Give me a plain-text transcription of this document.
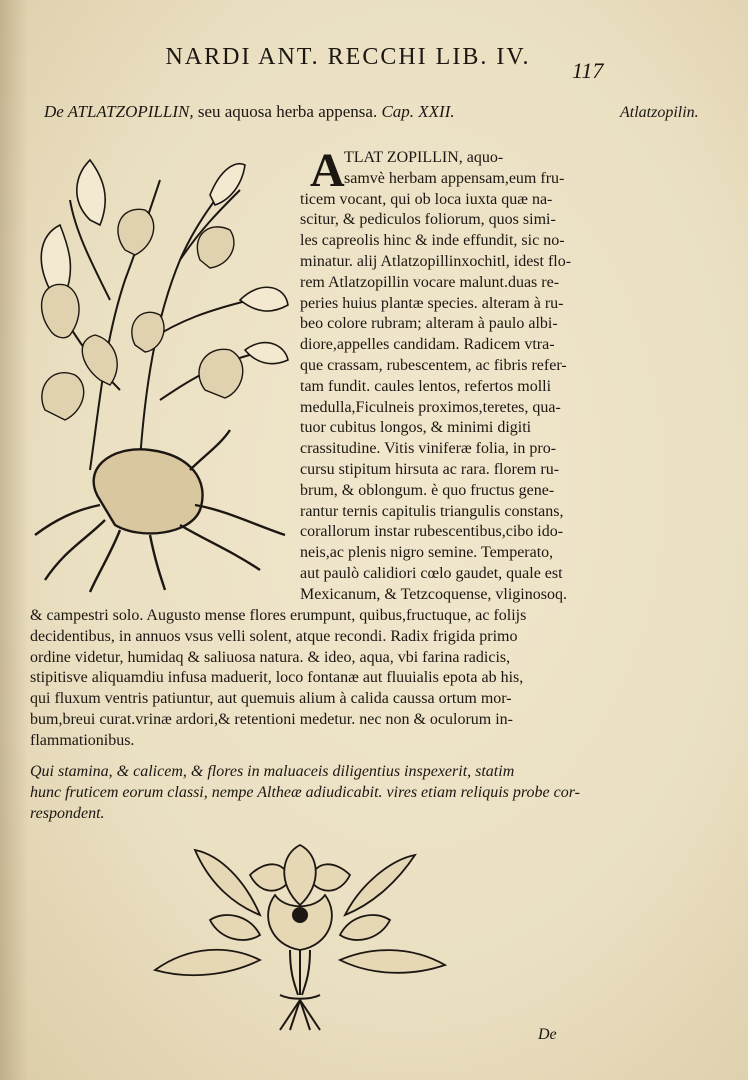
NARDI ANT. RECCHI LIB. IV.
117
De ATLATZOPILLIN, seu aquosa herba appensa. Cap. XXII.	Atlatzopilin.
A TLAT ZOPILLIN, aquo-
samvè herbam appensam,eum fru-
ticem vocant, qui ob loca iuxta quæ na-
scitur, & pediculos foliorum, quos simi-
les capreolis hinc & inde effundit, sic no-
minatur. alij Atlatzopillinxochitl, idest flo-
rem Atlatzopillin vocare malunt.duas re-
peries huius plantæ species. alteram à ru-
beo colore rubram; alteram à paulo albi-
diore,appelles candidam. Radicem vtra-
que crassam, rubescentem, ac fibris refer-
tam fundit. caules lentos, refertos molli
medulla,Ficulneis proximos,teretes, qua-
tuor cubitus longos, & minimi digiti
crassitudine. Vitis viniferæ folia, in pro-
cursu stipitum hirsuta ac rara. florem ru-
brum, & oblongum. è quo fructus gene-
rantur ternis capitulis triangulis constans,
corallorum instar rubescentibus,cibo ido-
neis,ac plenis nigro semine. Temperato,
aut paulò calidiori cœlo gaudet, quale est
Mexicanum, & Tetzcoquense, vliginosoq.
& campestri solo. Augusto mense flores erumpunt, quibus,fructuque, ac folijs
decidentibus, in annuos vsus velli solent, atque recondi. Radix frigida primo
ordine videtur, humidaq & saliuosa natura. & ideo, aqua, vbi farina radicis,
stipitisve aliquamdiu infusa maduerit, loco fontanæ aut fluuialis epota ab his,
qui fluxum ventris patiuntur, aut quemuis alium à calida caussa ortum mor-
bum,breui curat.vrinæ ardori,& retentioni medetur. nec non & oculorum in-
flammationibus.
Qui stamina, & calicem, & flores in maluaceis diligentius inspexerit, statim
hunc fruticem eorum classi, nempe Altheæ adiudicabit. vires etiam reliquis probe cor-
respondent.
De
